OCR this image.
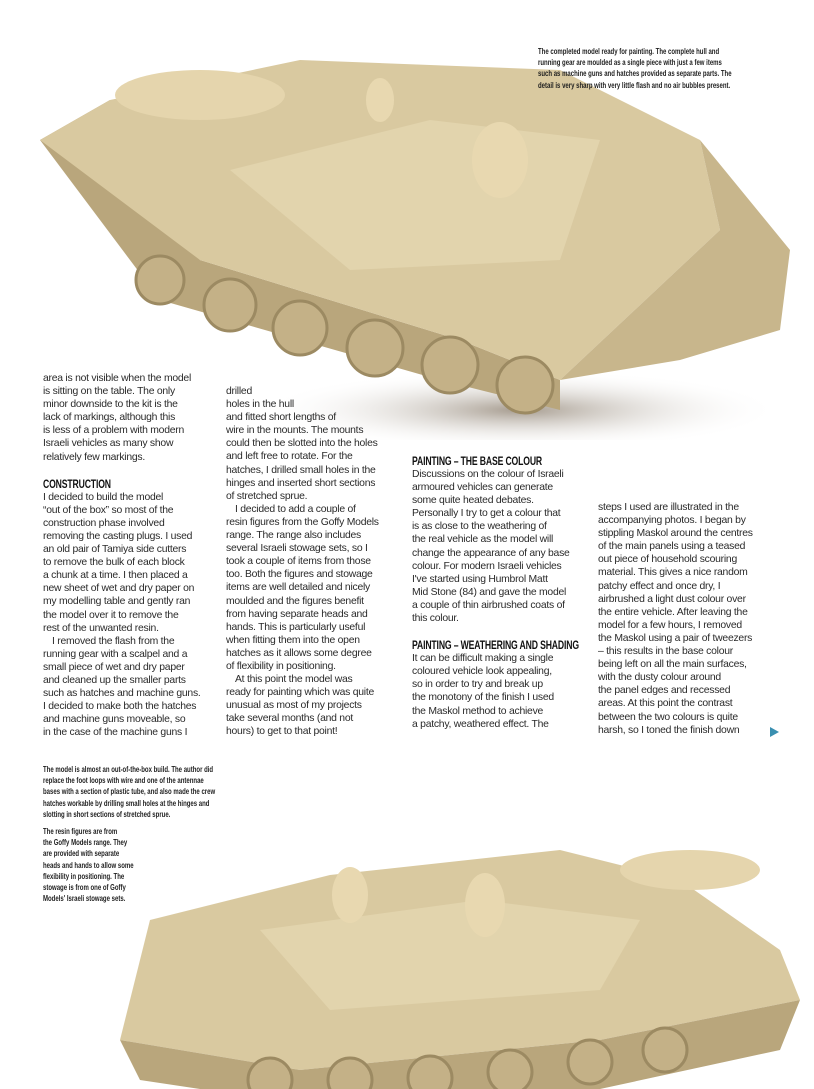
The completed model ready for painting. The complete hull and
running gear are moulded as a single piece with just a few items
such as machine guns and hatches provided as separate parts. The
detail is very sharp with very little flash and no air bubbles present.
area is not visible when the model
is sitting on the table. The only
minor downside to the kit is the
lack of markings, although this
is less of a problem with modern
Israeli vehicles as many show
relatively few markings.
CONSTRUCTION
I decided to build the model
“out of the box” so most of the
construction phase involved
removing the casting plugs. I used
an old pair of Tamiya side cutters
to remove the bulk of each block
a chunk at a time. I then placed a
new sheet of wet and dry paper on
my modelling table and gently ran
the model over it to remove the
rest of the unwanted resin.
I removed the flash from the
running gear with a scalpel and a
small piece of wet and dry paper
and cleaned up the smaller parts
such as hatches and machine guns.
I decided to make both the hatches
and machine guns moveable, so
in the case of the machine guns I
drilled
holes in the hull
and fitted short lengths of
wire in the mounts. The mounts
could then be slotted into the holes
and left free to rotate. For the
hatches, I drilled small holes in the
hinges and inserted short sections
of stretched sprue.
I decided to add a couple of
resin figures from the Goffy Models
range. The range also includes
several Israeli stowage sets, so I
took a couple of items from those
too. Both the figures and stowage
items are well detailed and nicely
moulded and the figures benefit
from having separate heads and
hands. This is particularly useful
when fitting them into the open
hatches as it allows some degree
of flexibility in positioning.
At this point the model was
ready for painting which was quite
unusual as most of my projects
take several months (and not
hours) to get to that point!
PAINTING – THE BASE COLOUR
Discussions on the colour of Israeli
armoured vehicles can generate
some quite heated debates.
Personally I try to get a colour that
is as close to the weathering of
the real vehicle as the model will
change the appearance of any base
colour. For modern Israeli vehicles
I've started using Humbrol Matt
Mid Stone (84) and gave the model
a couple of thin airbrushed coats of
this colour.
PAINTING – WEATHERING AND SHADING
It can be difficult making a single
coloured vehicle look appealing,
so in order to try and break up
the monotony of the finish I used
the Maskol method to achieve
a patchy, weathered effect. The
steps I used are illustrated in the
accompanying photos. I began by
stippling Maskol around the centres
of the main panels using a teased
out piece of household scouring
material. This gives a nice random
patchy effect and once dry, I
airbrushed a light dust colour over
the entire vehicle. After leaving the
model for a few hours, I removed
the Maskol using a pair of tweezers
– this results in the base colour
being left on all the main surfaces,
with the dusty colour around
the panel edges and recessed
areas. At this point the contrast
between the two colours is quite
harsh, so I toned the finish down
The model is almost an out-of-the-box build. The author did
replace the foot loops with wire and one of the antennae
bases with a section of plastic tube, and also made the crew
hatches workable by drilling small holes at the hinges and
slotting in short sections of stretched sprue.
The resin figures are from
the Goffy Models range. They
are provided with separate
heads and hands to allow some
flexibility in positioning. The
stowage is from one of Goffy
Models' Israeli stowage sets.
